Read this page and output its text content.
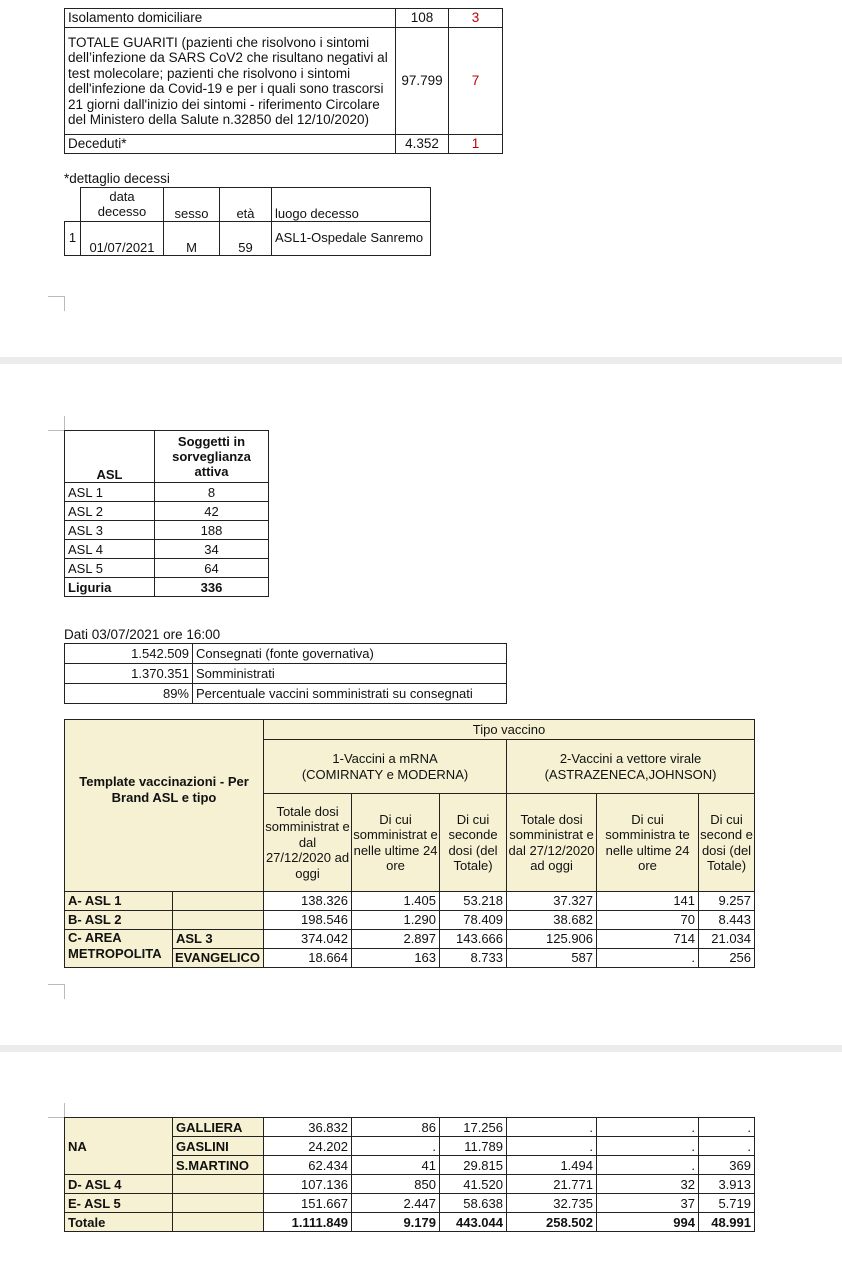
Isolamento domiciliare	108	3
TOTALE GUARITI (pazienti che risolvono i sintomi dell’infezione da SARS CoV2 che risultano negativi al test molecolare; pazienti che risolvono i sintomi dell'infezione da Covid-19 e per i quali sono trascorsi 21 giorni dall'inizio dei sintomi - riferimento Circolare del Ministero della Salute n.32850 del 12/10/2020)	97.799	7
Deceduti*	4.352	1
*dettaglio decessi
	data decesso	sesso	età	luogo decesso
1	01/07/2021	M	59	ASL1-Ospedale Sanremo
ASL	Soggetti in sorveglianza attiva
ASL 1	8
ASL 2	42
ASL 3	188
ASL 4	34
ASL 5	64
Liguria	336
Dati 03/07/2021 ore 16:00
1.542.509	Consegnati (fonte governativa)
1.370.351	Somministrati
89%	Percentuale vaccini somministrati su consegnati
Template vaccinazioni - Per Brand ASL e tipo		Tipo vaccino					
		1-Vaccini a mRNA (COMIRNATY e MODERNA)			2-Vaccini a vettore virale (ASTRAZENECA,JOHNSON)		
		Totale dosi somministrat e dal 27/12/2020 ad oggi	Di cui somministrat e nelle ultime 24 ore	Di cui seconde dosi (del Totale)	Totale dosi somministrat e dal 27/12/2020 ad oggi	Di cui somministra te nelle ultime 24 ore	Di cui second e dosi (del Totale)
A- ASL 1		138.326	1.405	53.218	37.327	141	9.257
B- ASL 2		198.546	1.290	78.409	38.682	70	8.443
C- AREA METROPOLITA	ASL 3	374.042	2.897	143.666	125.906	714	21.034
	EVANGELICO	18.664	163	8.733	587	.	256
NA	GALLIERA	36.832	86	17.256	.	.	.
	GASLINI	24.202	.	11.789	.	.	.
	S.MARTINO	62.434	41	29.815	1.494	.	369
D- ASL 4		107.136	850	41.520	21.771	32	3.913
E- ASL 5		151.667	2.447	58.638	32.735	37	5.719
Totale		1.111.849	9.179	443.044	258.502	994	48.991
